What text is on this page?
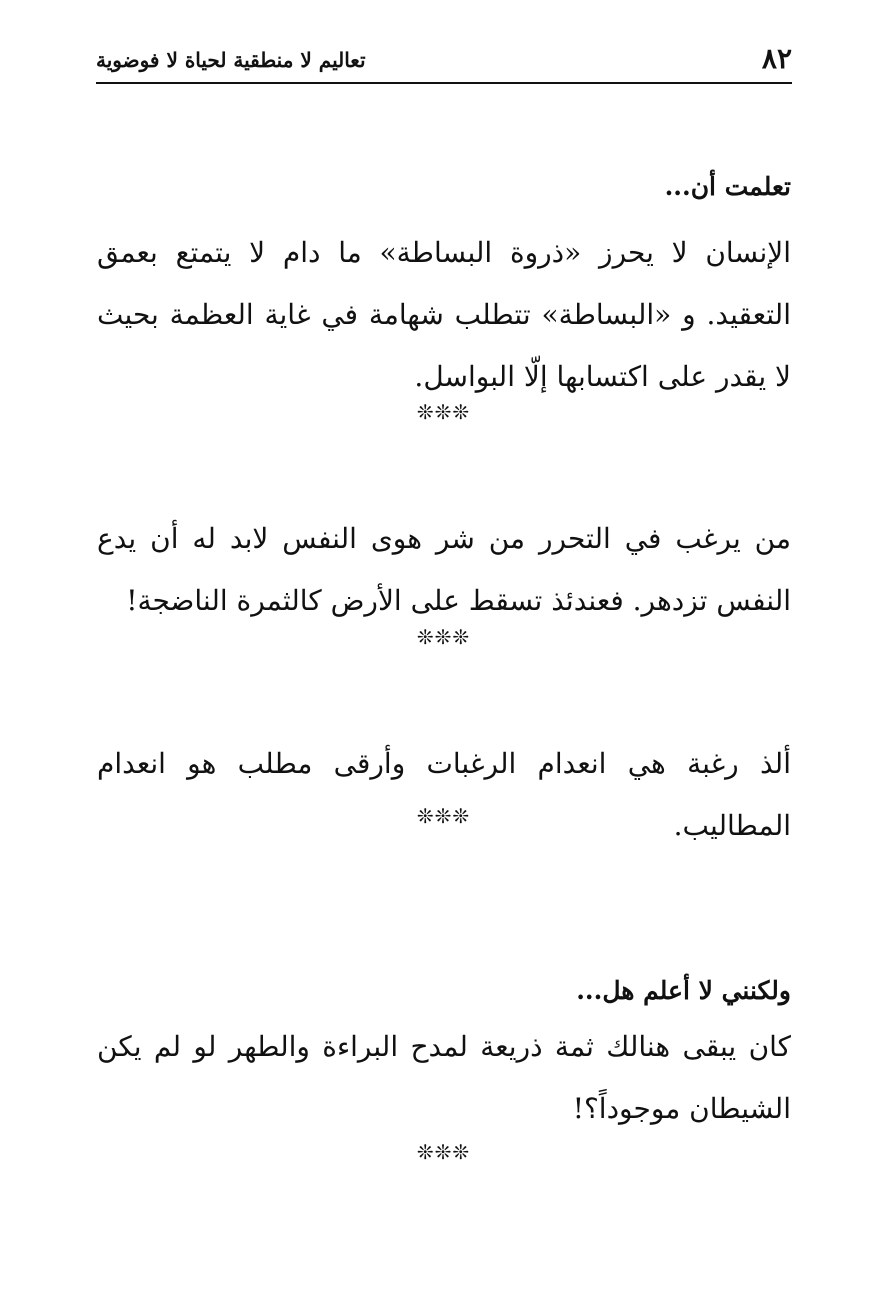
٨٢
تعاليم لا منطقية لحياة لا فوضوية
تعلمت أن...
الإنسان لا يحرز «ذروة البساطة» ما دام لا يتمتع بعمق التعقيد. و «البساطة» تتطلب شهامة في غاية العظمة بحيث لا يقدر على اكتسابها إلّا البواسل.
❊❊❊
من يرغب في التحرر من شر هوى النفس لابد له أن يدع النفس تزدهر. فعندئذ تسقط على الأرض كالثمرة الناضجة!
❊❊❊
ألذ رغبة هي انعدام الرغبات وأرقى مطلب هو انعدام المطاليب.
❊❊❊
ولكنني لا أعلم هل...
كان يبقى هنالك ثمة ذريعة لمدح البراءة والطهر لو لم يكن الشيطان موجوداً؟!
❊❊❊
